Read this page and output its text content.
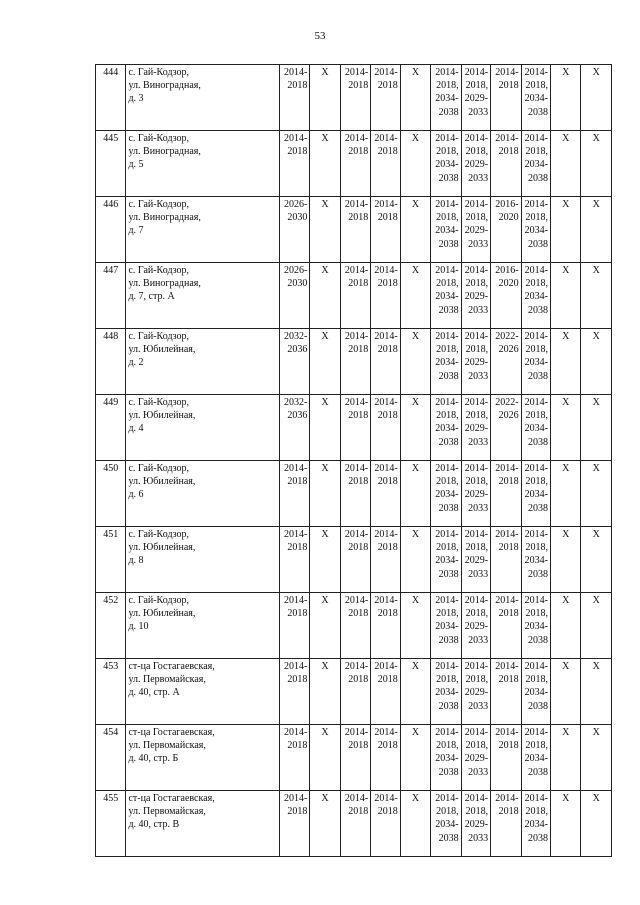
53
444	с. Гай-Кодзор,
ул. Виноградная,
д. 3	2014-
2018	X	2014-
2018	2014-
2018	X	2014-
2018,
2034-
2038	2014-
2018,
2029-
2033	2014-
2018	2014-
2018,
2034-
2038	X	X

445	с. Гай-Кодзор,
ул. Виноградная,
д. 5	2014-
2018	X	2014-
2018	2014-
2018	X	2014-
2018,
2034-
2038	2014-
2018,
2029-
2033	2014-
2018	2014-
2018,
2034-
2038	X	X

446	с. Гай-Кодзор,
ул. Виноградная,
д. 7	2026-
2030	X	2014-
2018	2014-
2018	X	2014-
2018,
2034-
2038	2014-
2018,
2029-
2033	2016-
2020	2014-
2018,
2034-
2038	X	X

447	с. Гай-Кодзор,
ул. Виноградная,
д. 7, стр. А	2026-
2030	X	2014-
2018	2014-
2018	X	2014-
2018,
2034-
2038	2014-
2018,
2029-
2033	2016-
2020	2014-
2018,
2034-
2038	X	X

448	с. Гай-Кодзор,
ул. Юбилейная,
д. 2	2032-
2036	X	2014-
2018	2014-
2018	X	2014-
2018,
2034-
2038	2014-
2018,
2029-
2033	2022-
2026	2014-
2018,
2034-
2038	X	X

449	с. Гай-Кодзор,
ул. Юбилейная,
д. 4	2032-
2036	X	2014-
2018	2014-
2018	X	2014-
2018,
2034-
2038	2014-
2018,
2029-
2033	2022-
2026	2014-
2018,
2034-
2038	X	X

450	с. Гай-Кодзор,
ул. Юбилейная,
д. 6	2014-
2018	X	2014-
2018	2014-
2018	X	2014-
2018,
2034-
2038	2014-
2018,
2029-
2033	2014-
2018	2014-
2018,
2034-
2038	X	X

451	с. Гай-Кодзор,
ул. Юбилейная,
д. 8	2014-
2018	X	2014-
2018	2014-
2018	X	2014-
2018,
2034-
2038	2014-
2018,
2029-
2033	2014-
2018	2014-
2018,
2034-
2038	X	X

452	с. Гай-Кодзор,
ул. Юбилейная,
д. 10	2014-
2018	X	2014-
2018	2014-
2018	X	2014-
2018,
2034-
2038	2014-
2018,
2029-
2033	2014-
2018	2014-
2018,
2034-
2038	X	X

453	ст-ца Гостагаевская,
ул. Первомайская,
д. 40, стр. А	2014-
2018	X	2014-
2018	2014-
2018	X	2014-
2018,
2034-
2038	2014-
2018,
2029-
2033	2014-
2018	2014-
2018,
2034-
2038	X	X

454	ст-ца Гостагаевская,
ул. Первомайская,
д. 40, стр. Б	2014-
2018	X	2014-
2018	2014-
2018	X	2014-
2018,
2034-
2038	2014-
2018,
2029-
2033	2014-
2018	2014-
2018,
2034-
2038	X	X

455	ст-ца Гостагаевская,
ул. Первомайская,
д. 40, стр. В	2014-
2018	X	2014-
2018	2014-
2018	X	2014-
2018,
2034-
2038	2014-
2018,
2029-
2033	2014-
2018	2014-
2018,
2034-
2038	X	X
